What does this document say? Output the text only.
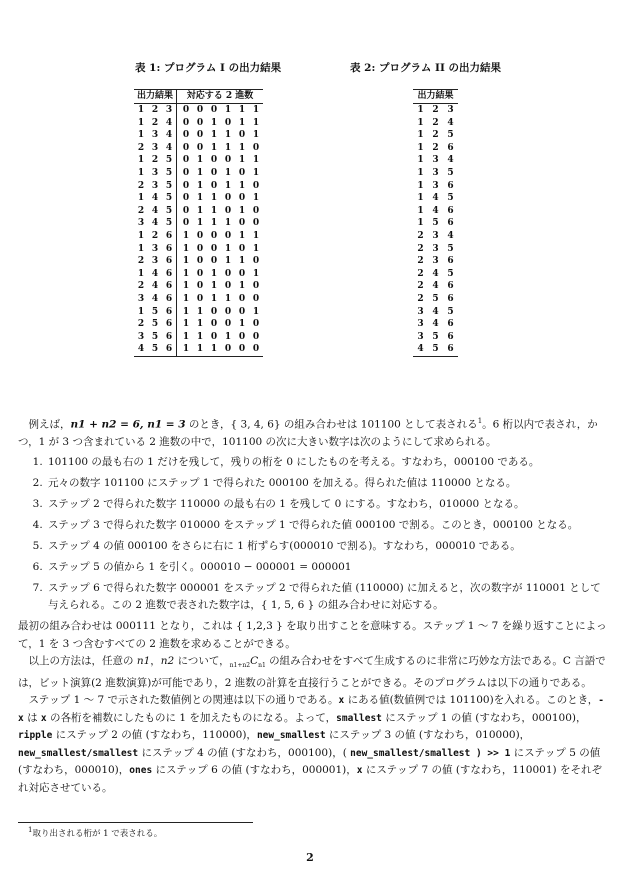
表 1: プログラム I の出力結果	表 2: プログラム II の出力結果
出力結果			対応する 2 進数					
1	2	3	0	0	0	1	1	1
1	2	4	0	0	1	0	1	1
1	3	4	0	0	1	1	0	1
2	3	4	0	0	1	1	1	0
1	2	5	0	1	0	0	1	1
1	3	5	0	1	0	1	0	1
2	3	5	0	1	0	1	1	0
1	4	5	0	1	1	0	0	1
2	4	5	0	1	1	0	1	0
3	4	5	0	1	1	1	0	0
1	2	6	1	0	0	0	1	1
1	3	6	1	0	0	1	0	1
2	3	6	1	0	0	1	1	0
1	4	6	1	0	1	0	0	1
2	4	6	1	0	1	0	1	0
3	4	6	1	0	1	1	0	0
1	5	6	1	1	0	0	0	1
2	5	6	1	1	0	0	1	0
3	5	6	1	1	0	1	0	0
4	5	6	1	1	1	0	0	0
出力結果		
1	2	3
1	2	4
1	2	5
1	2	6
1	3	4
1	3	5
1	3	6
1	4	5
1	4	6
1	5	6
2	3	4
2	3	5
2	3	6
2	4	5
2	4	6
2	5	6
3	4	5
3	4	6
3	5	6
4	5	6

例えば，n1 + n2 = 6, n1 = 3 のとき，{ 3, 4, 6} の組み合わせは 101100 として表される$^1$。6 桁以内で表され，かつ，1 が 3 つ含まれている 2 進数の中で，101100 の次に大きい数字は次のようにして求められる。

1. 101100 の最も右の 1 だけを残して，残りの桁を 0 にしたものを考える。すなわち，000100 である。
2. 元々の数字 101100 にステップ 1 で得られた 000100 を加える。得られた値は 110000 となる。
3. ステップ 2 で得られた数字 110000 の最も右の 1 を残して 0 にする。すなわち，010000 となる。
4. ステップ 3 で得られた数字 010000 をステップ 1 で得られた値 000100 で割る。このとき，000100 となる。
5. ステップ 4 の値 000100 をさらに右に 1 桁ずらす(000010 で割る)。すなわち，000010 である。
6. ステップ 5 の値から 1 を引く。000010 − 000001 = 000001
7. ステップ 6 で得られた数字 000001 をステップ 2 で得られた値 (110000) に加えると，次の数字が 110001 として与えられる。この 2 進数で表された数字は，{ 1, 5, 6 } の組み合わせに対応する。

最初の組み合わせは 000111 となり，これは { 1,2,3 } を取り出すことを意味する。ステップ 1 ～ 7 を繰り返すことによって，1 を 3 つ含むすべての 2 進数を求めることができる。

以上の方法は，任意の n1，n2 について，$_{n1+n2}C_{n1}$ の組み合わせをすべて生成するのに非常に巧妙な方法である。C 言語では，ビット演算(2 進数演算)が可能であり，2 進数の計算を直接行うことができる。そのプログラムは以下の通りである。

ステップ 1 ～ 7 で示された数値例との関連は以下の通りである。x にある値(数値例では 101100)を入れる。このとき，-x は x の各桁を補数にしたものに 1 を加えたものになる。よって，smallest にステップ 1 の値 (すなわち，000100)，ripple にステップ 2 の値 (すなわち，110000)，new_smallest にステップ 3 の値 (すなわち，010000)，new_smallest/smallest にステップ 4 の値 (すなわち，000100)，( new_smallest/smallest ) >> 1 にステップ 5 の値 (すなわち，000010)，ones にステップ 6 の値 (すなわち，000001)，x にステップ 7 の値 (すなわち，110001) をそれぞれ対応させている。

$^1$取り出される桁が 1 で表される。
2
